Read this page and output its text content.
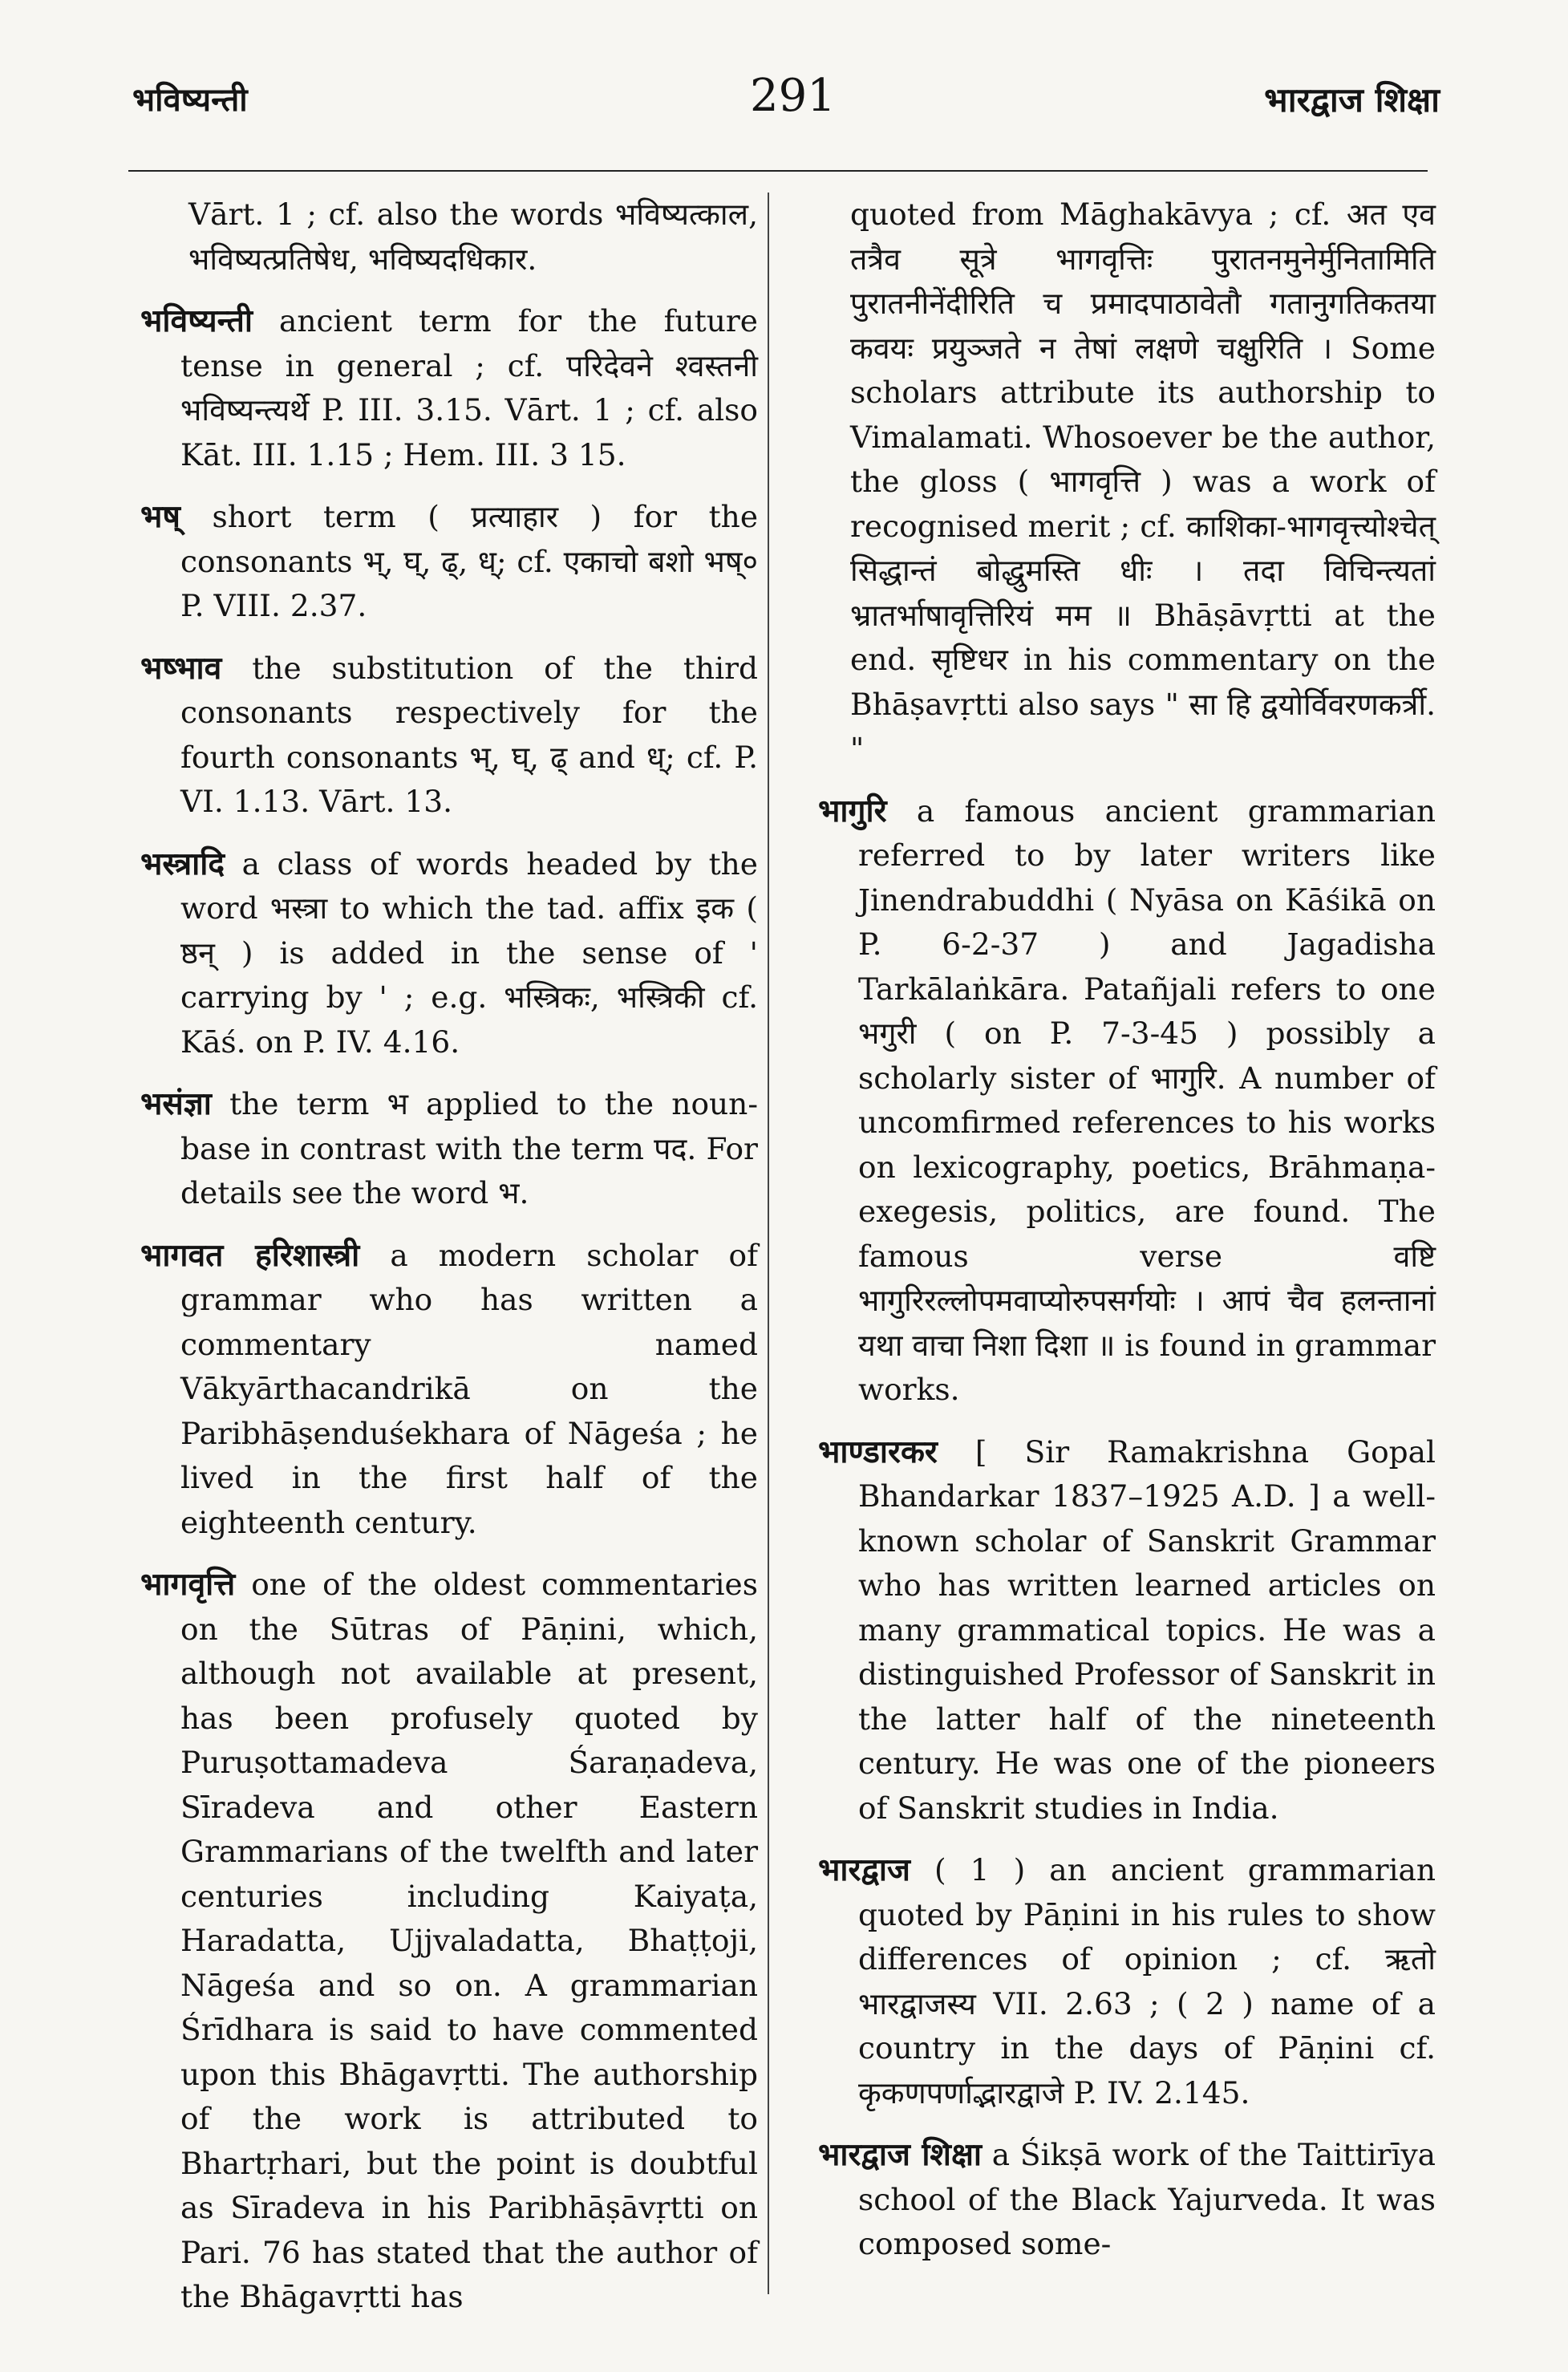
भविष्यन्ती	291	भारद्वाज शिक्षा

Vārt. 1 ; cf. also the words भविष्यत्काल, भविष्यत्प्रतिषेध, भविष्यदधिकार.

भविष्यन्ती ancient term for the future tense in general ; cf. परिदेवने श्वस्तनी भविष्यन्त्यर्थे P. III. 3.15. Vārt. 1 ; cf. also Kāt. III. 1.15 ; Hem. III. 3 15.

भष् short term ( प्रत्याहार ) for the consonants भ्, घ्, ढ्, ध्; cf. एकाचो बशो भष्० P. VIII. 2.37.

भष्भाव the substitution of the third consonants respectively for the fourth consonants भ्, घ्, ढ् and ध्; cf. P. VI. 1.13. Vārt. 13.

भस्त्रादि a class of words headed by the word भस्त्रा to which the tad. affix इक ( ष्ठन् ) is added in the sense of ' carrying by ' ; e.g. भस्त्रिकः, भस्त्रिकी cf. Kāś. on P. IV. 4.16.

भसंज्ञा the term भ applied to the noun-base in contrast with the term पद. For details see the word भ.

भागवत हरिशास्त्री a modern scholar of grammar who has written a commentary named Vākyārthacandrikā on the Paribhāṣenduśekhara of Nāgeśa ; he lived in the first half of the eighteenth century.

भागवृत्ति one of the oldest commentaries on the Sūtras of Pāṇini, which, although not available at present, has been profusely quoted by Puruṣottamadeva Śaraṇadeva, Sīradeva and other Eastern Grammarians of the twelfth and later centuries including Kaiyaṭa, Haradatta, Ujjvaladatta, Bhaṭṭoji, Nāgeśa and so on. A grammarian Śrīdhara is said to have commented upon this Bhāgavṛtti. The authorship of the work is attributed to Bhartṛhari, but the point is doubtful as Sīradeva in his Paribhāṣāvṛtti on Pari. 76 has stated that the author of the Bhāgavṛtti has

quoted from Māghakāvya ; cf. अत एव तत्रैव सूत्रे भागवृत्तिः पुरातनमुनेर्मुनितामिति पुरातनीनेंदीरिति च प्रमादपाठावेतौ गतानुगतिकतया कवयः प्रयुञ्जते न तेषां लक्षणे चक्षुरिति । Some scholars attribute its authorship to Vimalamati. Whosoever be the author, the gloss ( भागवृत्ति ) was a work of recognised merit ; cf. काशिका-भागवृत्त्योश्चेत् सिद्धान्तं बोद्धुमस्ति धीः । तदा विचिन्त्यतां भ्रातर्भाषावृत्तिरियं मम ॥ Bhāṣāvṛtti at the end. सृष्टिधर in his commentary on the Bhāṣavṛtti also says " सा हि द्वयोर्विवरणकर्त्री. "

भागुरि a famous ancient grammarian referred to by later writers like Jinendrabuddhi ( Nyāsa on Kāśikā on P. 6-2-37 ) and Jagadisha Tarkālaṅkāra. Patañjali refers to one भगुरी ( on P. 7-3-45 ) possibly a scholarly sister of भागुरि. A number of uncomfirmed references to his works on lexicography, poetics, Brāhmaṇa-exegesis, politics, are found. The famous verse वष्टि भागुरिरल्लोपमवाप्योरुपसर्गयोः । आपं चैव हलन्तानां यथा वाचा निशा दिशा ॥ is found in grammar works.

भाण्डारकर [ Sir Ramakrishna Gopal Bhandarkar 1837–1925 A.D. ] a well-known scholar of Sanskrit Grammar who has written learned articles on many grammatical topics. He was a distinguished Professor of Sanskrit in the latter half of the nineteenth century. He was one of the pioneers of Sanskrit studies in India.

भारद्वाज ( 1 ) an ancient grammarian quoted by Pāṇini in his rules to show differences of opinion ; cf. ऋतो भारद्वाजस्य VII. 2.63 ; ( 2 ) name of a country in the days of Pāṇini cf. कृकणपर्णाद्भारद्वाजे P. IV. 2.145.

भारद्वाज शिक्षा a Śikṣā work of the Taittirīya school of the Black Yajurveda. It was composed some-
